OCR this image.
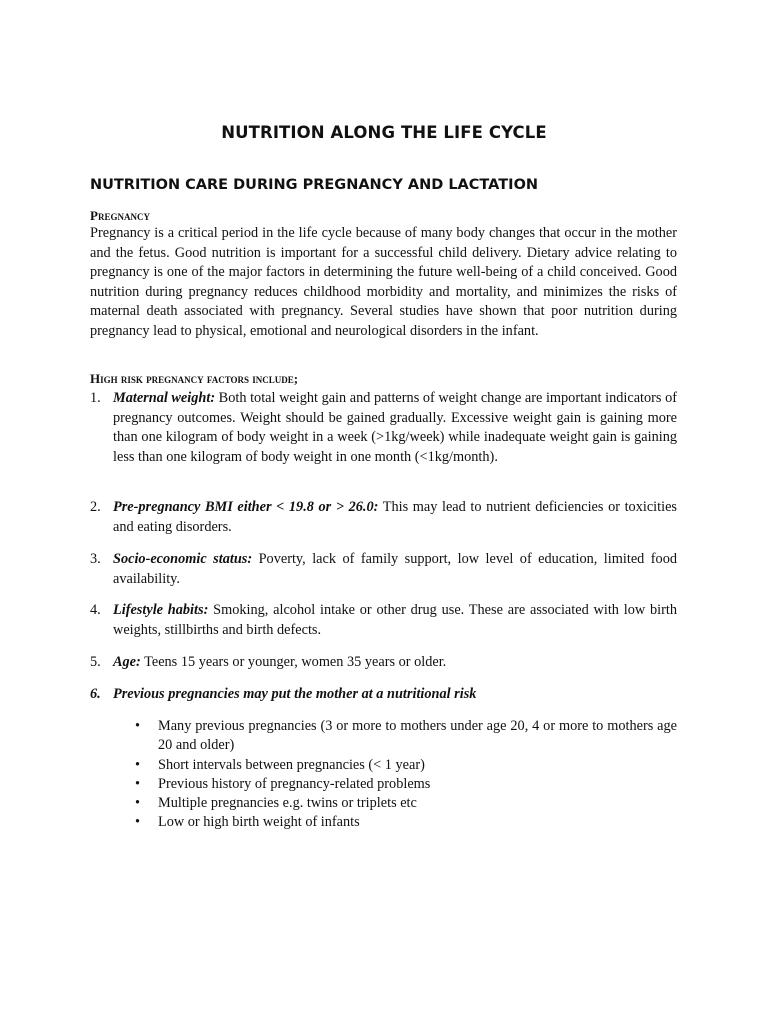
NUTRITION ALONG THE LIFE CYCLE
NUTRITION CARE DURING PREGNANCY AND LACTATION
Pregnancy
Pregnancy is a critical period in the life cycle because of many body changes that occur in the mother and the fetus. Good nutrition is important for a successful child delivery. Dietary advice relating to pregnancy is one of the major factors in determining the future well-being of a child conceived. Good nutrition during pregnancy reduces childhood morbidity and mortality, and minimizes the risks of maternal death associated with pregnancy. Several studies have shown that poor nutrition during pregnancy lead to physical, emotional and neurological disorders in the infant.
High risk pregnancy factors include;
1. Maternal weight: Both total weight gain and patterns of weight change are important indicators of pregnancy outcomes. Weight should be gained gradually. Excessive weight gain is gaining more than one kilogram of body weight in a week (>1kg/week) while inadequate weight gain is gaining less than one kilogram of body weight in one month (<1kg/month).
2. Pre-pregnancy BMI either < 19.8 or > 26.0: This may lead to nutrient deficiencies or toxicities and eating disorders.
3. Socio-economic status: Poverty, lack of family support, low level of education, limited food availability.
4. Lifestyle habits: Smoking, alcohol intake or other drug use. These are associated with low birth weights, stillbirths and birth defects.
5. Age: Teens 15 years or younger, women 35 years or older.
6. Previous pregnancies may put the mother at a nutritional risk
• Many previous pregnancies (3 or more to mothers under age 20, 4 or more to mothers age 20 and older)
• Short intervals between pregnancies (< 1 year)
• Previous history of pregnancy-related problems
• Multiple pregnancies e.g. twins or triplets etc
• Low or high birth weight of infants
